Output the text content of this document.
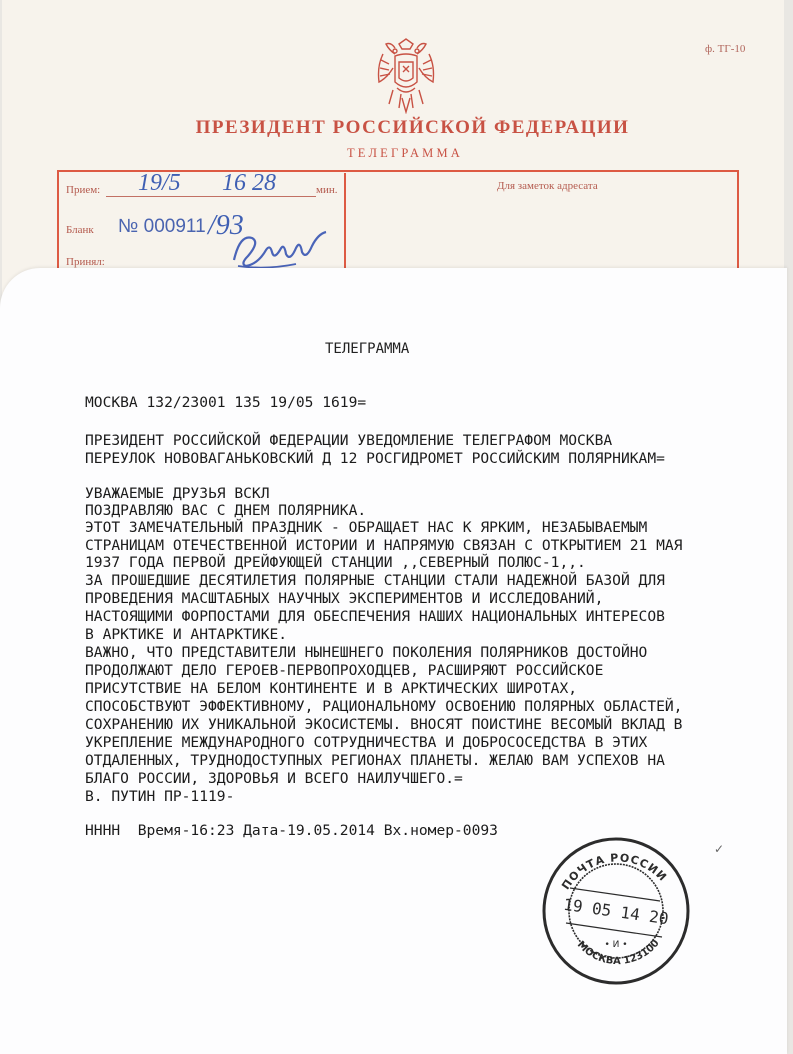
ф. ТГ-10
ПРЕЗИДЕНТ РОССИЙСКОЙ ФЕДЕРАЦИИ
ТЕЛЕГРАММА
Прием:	мин.
Бланк
Принял:
Для заметок адресата
19/5 16 28
№ 000911 /93
ТЕЛЕГРАММА
МОСКВА 132/23001 135 19/05 1619=
ПРЕЗИДЕНТ РОССИЙСКОЙ ФЕДЕРАЦИИ УВЕДОМЛЕНИЕ ТЕЛЕГРАФОМ МОСКВА
ПЕРЕУЛОК НОВОВАГАНЬКОВСКИЙ Д 12 РОСГИДРОМЕТ РОССИЙСКИМ ПОЛЯРНИКАМ=
УВАЖАЕМЫЕ ДРУЗЬЯ ВСКЛ
ПОЗДРАВЛЯЮ ВАС С ДНЕМ ПОЛЯРНИКА.
ЭТОТ ЗАМЕЧАТЕЛЬНЫЙ ПРАЗДНИК - ОБРАЩАЕТ НАС К ЯРКИМ, НЕЗАБЫВАЕМЫМ
СТРАНИЦАМ ОТЕЧЕСТВЕННОЙ ИСТОРИИ И НАПРЯМУЮ СВЯЗАН С ОТКРЫТИЕМ 21 МАЯ
1937 ГОДА ПЕРВОЙ ДРЕЙФУЮЩЕЙ СТАНЦИИ ,,СЕВЕРНЫЙ ПОЛЮС-1,,.
ЗА ПРОШЕДШИЕ ДЕСЯТИЛЕТИЯ ПОЛЯРНЫЕ СТАНЦИИ СТАЛИ НАДЕЖНОЙ БАЗОЙ ДЛЯ
ПРОВЕДЕНИЯ МАСШТАБНЫХ НАУЧНЫХ ЭКСПЕРИМЕНТОВ И ИССЛЕДОВАНИЙ,
НАСТОЯЩИМИ ФОРПОСТАМИ ДЛЯ ОБЕСПЕЧЕНИЯ НАШИХ НАЦИОНАЛЬНЫХ ИНТЕРЕСОВ
В АРКТИКЕ И АНТАРКТИКЕ.
ВАЖНО, ЧТО ПРЕДСТАВИТЕЛИ НЫНЕШНЕГО ПОКОЛЕНИЯ ПОЛЯРНИКОВ ДОСТОЙНО
ПРОДОЛЖАЮТ ДЕЛО ГЕРОЕВ-ПЕРВОПРОХОДЦЕВ, РАСШИРЯЮТ РОССИЙСКОЕ
ПРИСУТСТВИЕ НА БЕЛОМ КОНТИНЕНТЕ И В АРКТИЧЕСКИХ ШИРОТАХ,
СПОСОБСТВУЮТ ЭФФЕКТИВНОМУ, РАЦИОНАЛЬНОМУ ОСВОЕНИЮ ПОЛЯРНЫХ ОБЛАСТЕЙ,
СОХРАНЕНИЮ ИХ УНИКАЛЬНОЙ ЭКОСИСТЕМЫ. ВНОСЯТ ПОИСТИНЕ ВЕСОМЫЙ ВКЛАД В
УКРЕПЛЕНИЕ МЕЖДУНАРОДНОГО СОТРУДНИЧЕСТВА И ДОБРОСОСЕДСТВА В ЭТИХ
ОТДАЛЕННЫХ, ТРУДНОДОСТУПНЫХ РЕГИОНАХ ПЛАНЕТЫ. ЖЕЛАЮ ВАМ УСПЕХОВ НА
БЛАГО РОССИИ, ЗДОРОВЬЯ И ВСЕГО НАИЛУЧШЕГО.=
В. ПУТИН ПР-1119-
НННН  Время-16:23 Дата-19.05.2014 Вх.номер-0093
✓
ПОЧТА РОССИИ
19 05 14 20
• И •
МОСКВА 123100
